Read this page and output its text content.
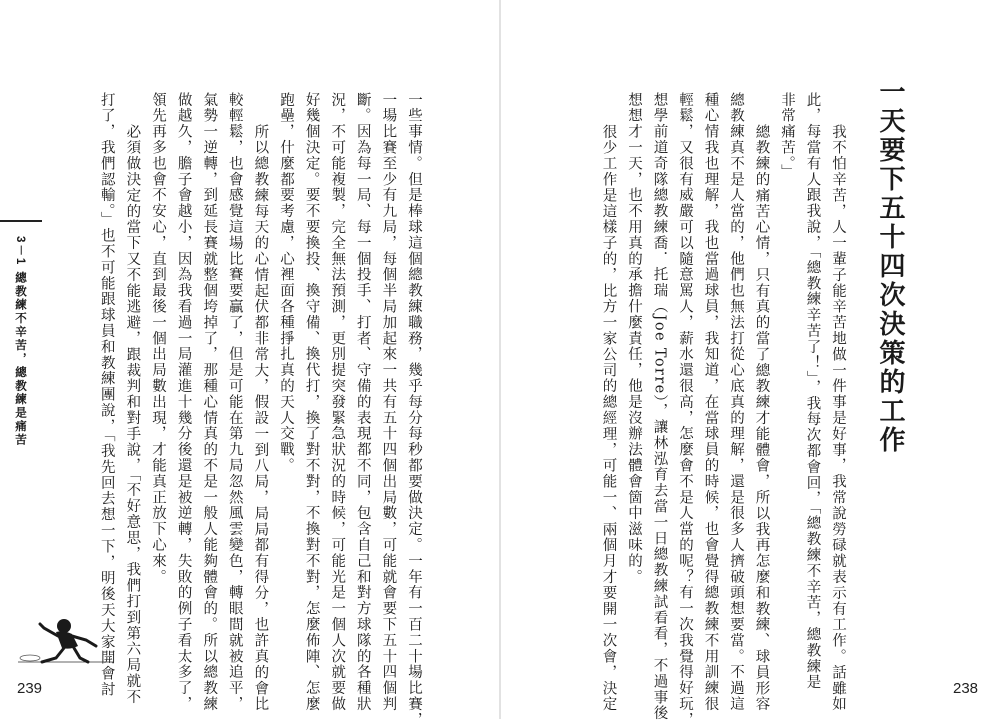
一天要下五十四次決策的工作
我不怕辛苦，人一輩子能辛苦地做一件事是好事，我常說勞碌就表示有工作。話雖如
此，每當有人跟我說，「總教練辛苦了！」，我每次都會回，「總教練不辛苦，總教練是
非常痛苦。」
總教練的痛苦心情，只有真的當了總教練才能體會，所以我再怎麼和教練、球員形容
總教練真不是人當的，他們也無法打從心底真的理解，還是很多人擠破頭想要當。不過這
種心情我也理解，我也當過球員，我知道，在當球員的時候，也會覺得總教練不用訓練很
輕鬆，又很有威嚴可以隨意罵人，薪水還很高，怎麼會不是人當的呢？有一次我覺得好玩，
想學前道奇隊總教練喬．托瑞（Joe Torre），讓林泓育去當一日總教練試看看，不過事後
想想才一天，也不用真的承擔什麼責任，他是沒辦法體會箇中滋味的。
很少工作是這樣子的，比方一家公司的總經理，可能一、兩個月才要開一次會，決定	238
一些事情。但是棒球這個總教練職務，幾乎每分每秒都要做決定。一年有一百二十場比賽，
一場比賽至少有九局，每個半局加起來一共有五十四個出局數，可能就會要下五十四個判
斷。因為每一局、每一個投手、打者、守備的表現都不同，包含自己和對方球隊的各種狀
況，不可能複製，完全無法預測，更別提突發緊急狀況的時候，可能光是一個人次就要做
好幾個決定。要不要換投、換守備、換代打，換了對不對，不換對不對，怎麼佈陣、怎麼
跑壘，什麼都要考慮，心裡面各種掙扎真的天人交戰。
所以總教練每天的心情起伏都非常大，假設一到八局，局局都有得分，也許真的會比
較輕鬆，也會感覺這場比賽要贏了，但是可能在第九局忽然風雲變色，轉眼間就被追平，
氣勢一逆轉，到延長賽就整個垮掉了，那種心情真的不是一般人能夠體會的。所以總教練
做越久，膽子會越小，因為我看過一局灌進十幾分後還是被逆轉，失敗的例子看太多了，
領先再多也會不安心，直到最後一個出局數出現，才能真正放下心來。
必須做決定的當下又不能逃避，跟裁判和對手說，「不好意思，我們打到第六局就不
打了，我們認輸。」也不可能跟球員和教練團說，「我先回去想一下，明後天大家開會討
239
3－1 總教練不辛苦，總教練是痛苦
